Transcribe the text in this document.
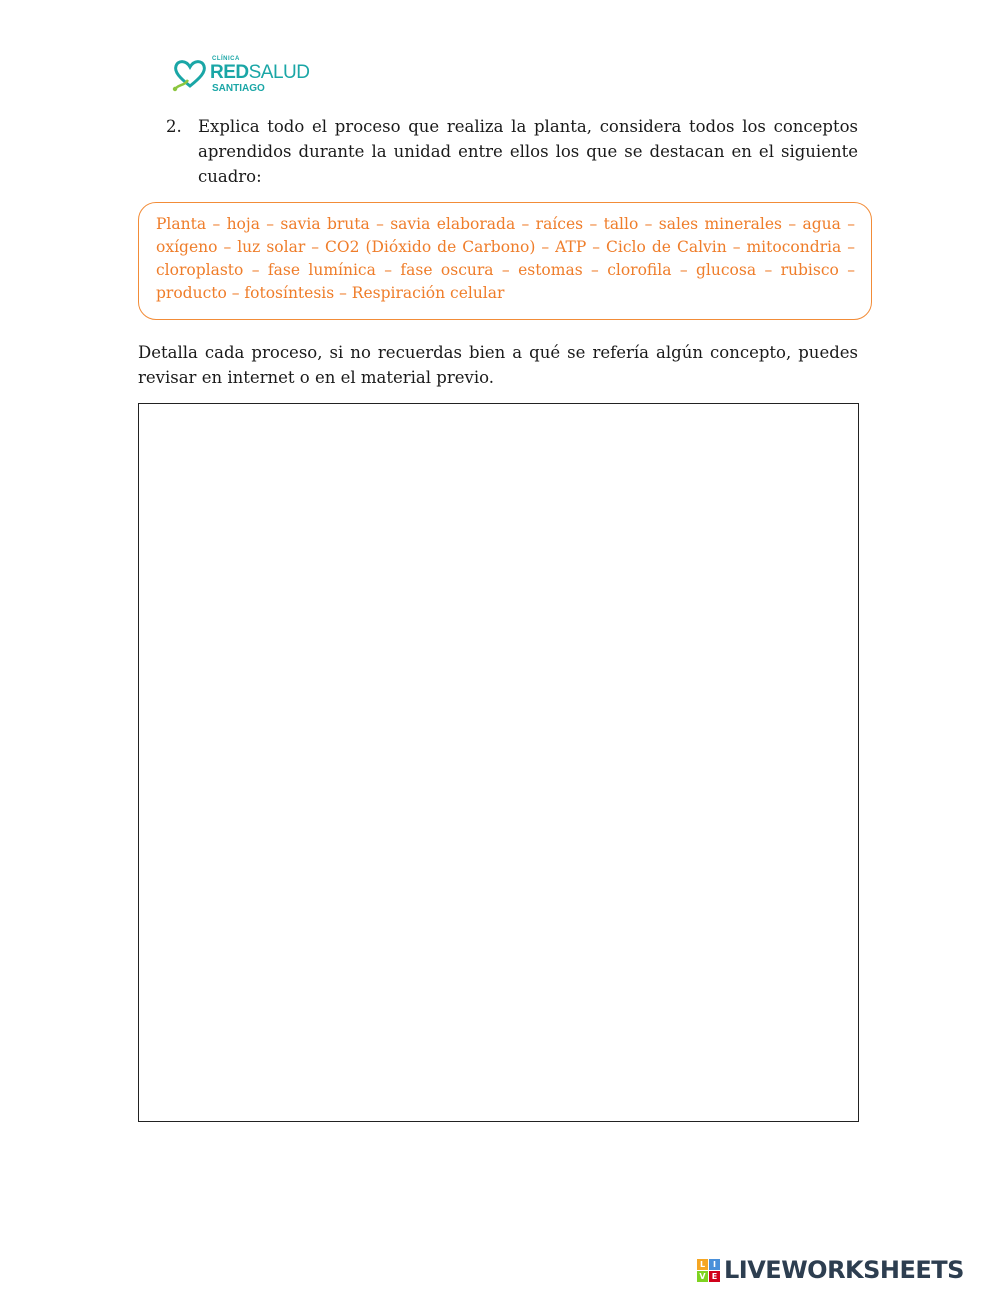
CLÍNICA
REDSALUD
SANTIAGO
2. Explica todo el proceso que realiza la planta, considera todos los conceptos aprendidos durante la unidad entre ellos los que se destacan en el siguiente cuadro:
Planta – hoja – savia bruta – savia elaborada – raíces – tallo – sales minerales – agua – oxígeno – luz solar – CO2 (Dióxido de Carbono) – ATP – Ciclo de Calvin – mitocondria – cloroplasto – fase lumínica – fase oscura – estomas – clorofila – glucosa – rubisco – producto – fotosíntesis – Respiración celular
Detalla cada proceso, si no recuerdas bien a qué se refería algún concepto, puedes revisar en internet o en el material previo.
L I
V E LIVEWORKSHEETS
